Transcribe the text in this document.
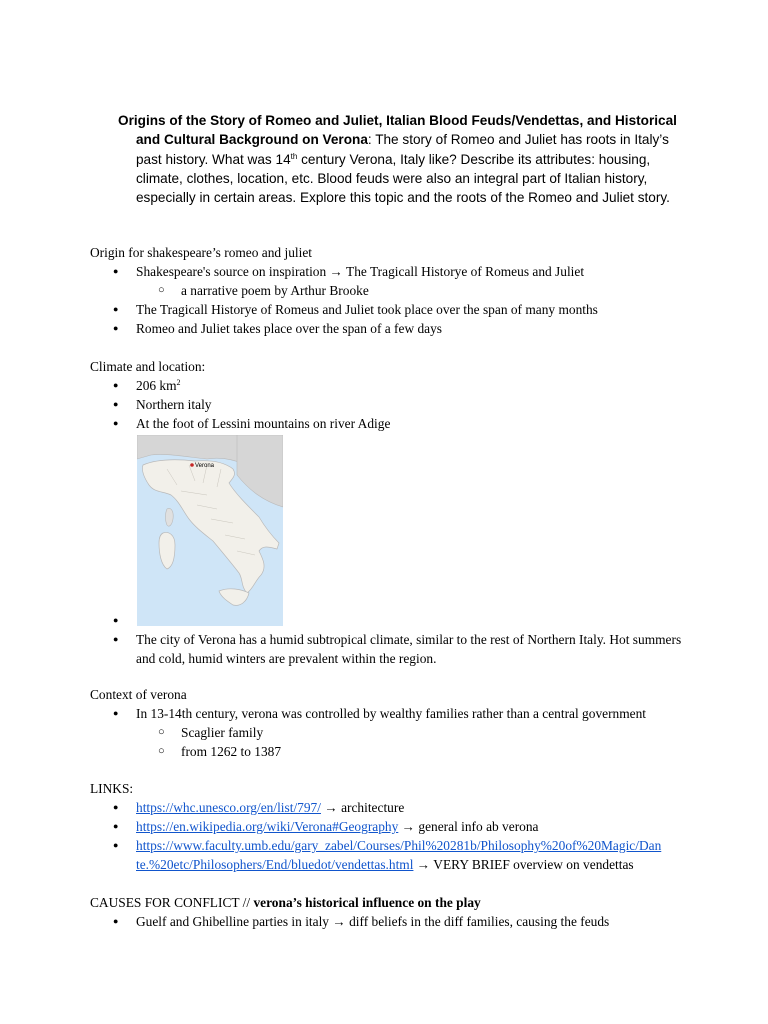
Origins of the Story of Romeo and Juliet, Italian Blood Feuds/Vendettas, and Historical and Cultural Background on Verona: The story of Romeo and Juliet has roots in Italy’s past history. What was 14th century Verona, Italy like? Describe its attributes: housing, climate, clothes, location, etc. Blood feuds were also an integral part of Italian history, especially in certain areas. Explore this topic and the roots of the Romeo and Juliet story.

Origin for shakespeare’s romeo and juliet

● Shakespeare's source on inspiration → The Tragicall Historye of Romeus and Juliet
○ a narrative poem by Arthur Brooke
● The Tragicall Historye of Romeus and Juliet took place over the span of many months
● Romeo and Juliet takes place over the span of a few days

Climate and location:

● 206 $km^2$
● Northern italy
● At the foot of Lessini mountains on river Adige
Verona
●
● The city of Verona has a humid subtropical climate, similar to the rest of Northern Italy. Hot summers and cold, humid winters are prevalent within the region.

Context of verona

● In 13-14th century, verona was controlled by wealthy families rather than a central government
○ Scaglier family
○ from 1262 to 1387

LINKS:

● https://whc.unesco.org/en/list/797/ → architecture
● https://en.wikipedia.org/wiki/Verona#Geography → general info ab verona
● https://www.faculty.umb.edu/gary_zabel/Courses/Phil%20281b/Philosophy%20of%20Magic/Dan
te.%20etc/Philosophers/End/bluedot/vendettas.html → VERY BRIEF overview on vendettas

CAUSES FOR CONFLICT // verona’s historical influence on the play

● Guelf and Ghibelline parties in italy → diff beliefs in the diff families, causing the feuds
